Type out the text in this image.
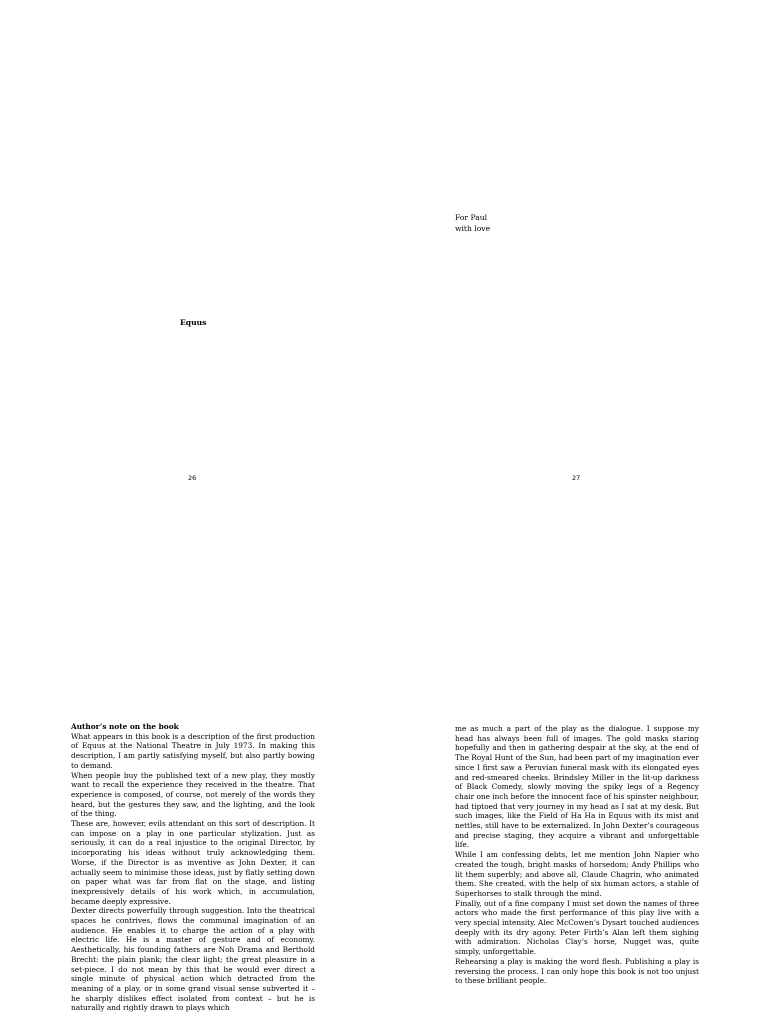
For Paul
with love
Equus
26	27

Author’s note on the book

What appears in this book is a description of the first production of Equus at the National Theatre in July 1973. In making this description, I am partly satisfying myself, but also partly bowing to demand.

When people buy the published text of a new play, they mostly want to recall the experience they received in the theatre. That experience is composed, of course, not merely of the words they heard, but the gestures they saw, and the lighting, and the look of the thing.

These are, however, evils attendant on this sort of description. It can impose on a play in one particular stylization. Just as seriously, it can do a real injustice to the original Director, by incorporating his ideas without truly acknowledging them. Worse, if the Director is as inventive as John Dexter, it can actually seem to minimise those ideas, just by flatly setting down on paper what was far from flat on the stage, and listing inexpressively details of his work which, in accumulation, became deeply expressive.

Dexter directs powerfully through suggestion. Into the theatrical spaces he contrives, flows the communal imagination of an audience. He enables it to charge the action of a play with electric life. He is a master of gesture and of economy. Aesthetically, his founding fathers are Noh Drama and Berthold Brecht: the plain plank; the clear light; the great pleasure in a set-piece. I do not mean by this that he would ever direct a single minute of physical action which detracted from the meaning of a play, or in some grand visual sense subverted it – he sharply dislikes effect isolated from context – but he is naturally and rightly drawn to plays which

me as much a part of the play as the dialogue. I suppose my head has always been full of images. The gold masks staring hopefully and then in gathering despair at the sky, at the end of The Royal Hunt of the Sun, had been part of my imagination ever since I first saw a Peruvian funeral mask with its elongated eyes and red-smeared cheeks. Brindsley Miller in the lit-up darkness of Black Comedy, slowly moving the spiky legs of a Regency chair one inch before the innocent face of his spinster neighbour, had tiptoed that very journey in my head as I sat at my desk. But such images, like the Field of Ha Ha in Equus with its mist and nettles, still have to be externalized. In John Dexter’s courageous and precise staging, they acquire a vibrant and unforgettable life.

While I am confessing debts, let me mention John Napier who created the tough, bright masks of horsedom; Andy Phillips who lit them superbly; and above all, Claude Chagrin, who animated them. She created, with the help of six human actors, a stable of Superhorses to stalk through the mind.

Finally, out of a fine company I must set down the names of three actors who made the first performance of this play live with a very special intensity. Alec McCowen’s Dysart touched audiences deeply with its dry agony. Peter Firth’s Alan left them sighing with admiration. Nicholas Clay’s horse, Nugget was, quite simply, unforgettable.

Rehearsing a play is making the word flesh. Publishing a play is reversing the process. I can only hope this book is not too unjust to these brilliant people.
